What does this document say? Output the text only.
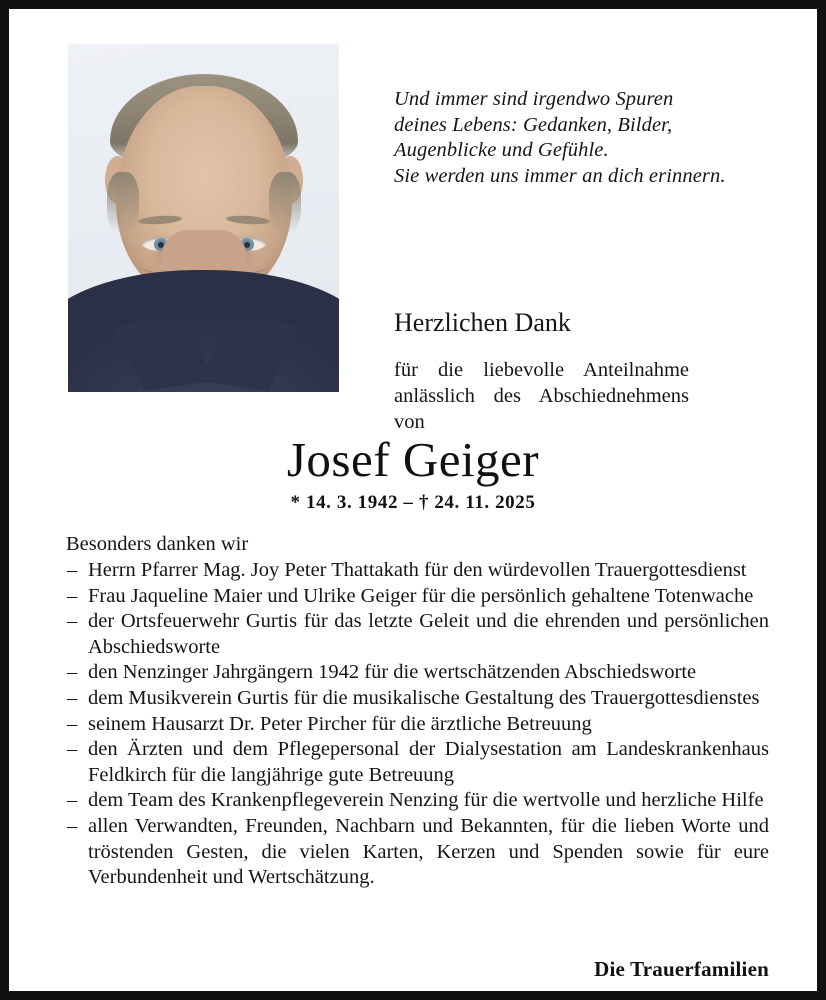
Und immer sind irgendwo Spuren
deines Lebens: Gedanken, Bilder,
Augenblicke und Gefühle.
Sie werden uns immer an dich erinnern.
Herzlichen Dank
für die liebevolle Anteilnahme anlässlich des Abschiednehmens von
Josef Geiger
* 14. 3. 1942 – † 24. 11. 2025
Besonders danken wir
– Herrn Pfarrer Mag. Joy Peter Thattakath für den würdevollen Trauergottesdienst
– Frau Jaqueline Maier und Ulrike Geiger für die persönlich gehaltene Totenwache
– der Ortsfeuerwehr Gurtis für das letzte Geleit und die ehrenden und persönlichen Abschiedsworte
– den Nenzinger Jahrgängern 1942 für die wertschätzenden Abschiedsworte
– dem Musikverein Gurtis für die musikalische Gestaltung des Trauergottesdienstes
– seinem Hausarzt Dr. Peter Pircher für die ärztliche Betreuung
– den Ärzten und dem Pflegepersonal der Dialysestation am Landeskrankenhaus Feldkirch für die langjährige gute Betreuung
– dem Team des Krankenpflegeverein Nenzing für die wertvolle und herzliche Hilfe
– allen Verwandten, Freunden, Nachbarn und Bekannten, für die lieben Worte und tröstenden Gesten, die vielen Karten, Kerzen und Spenden sowie für eure Verbundenheit und Wertschätzung.
Die Trauerfamilien
